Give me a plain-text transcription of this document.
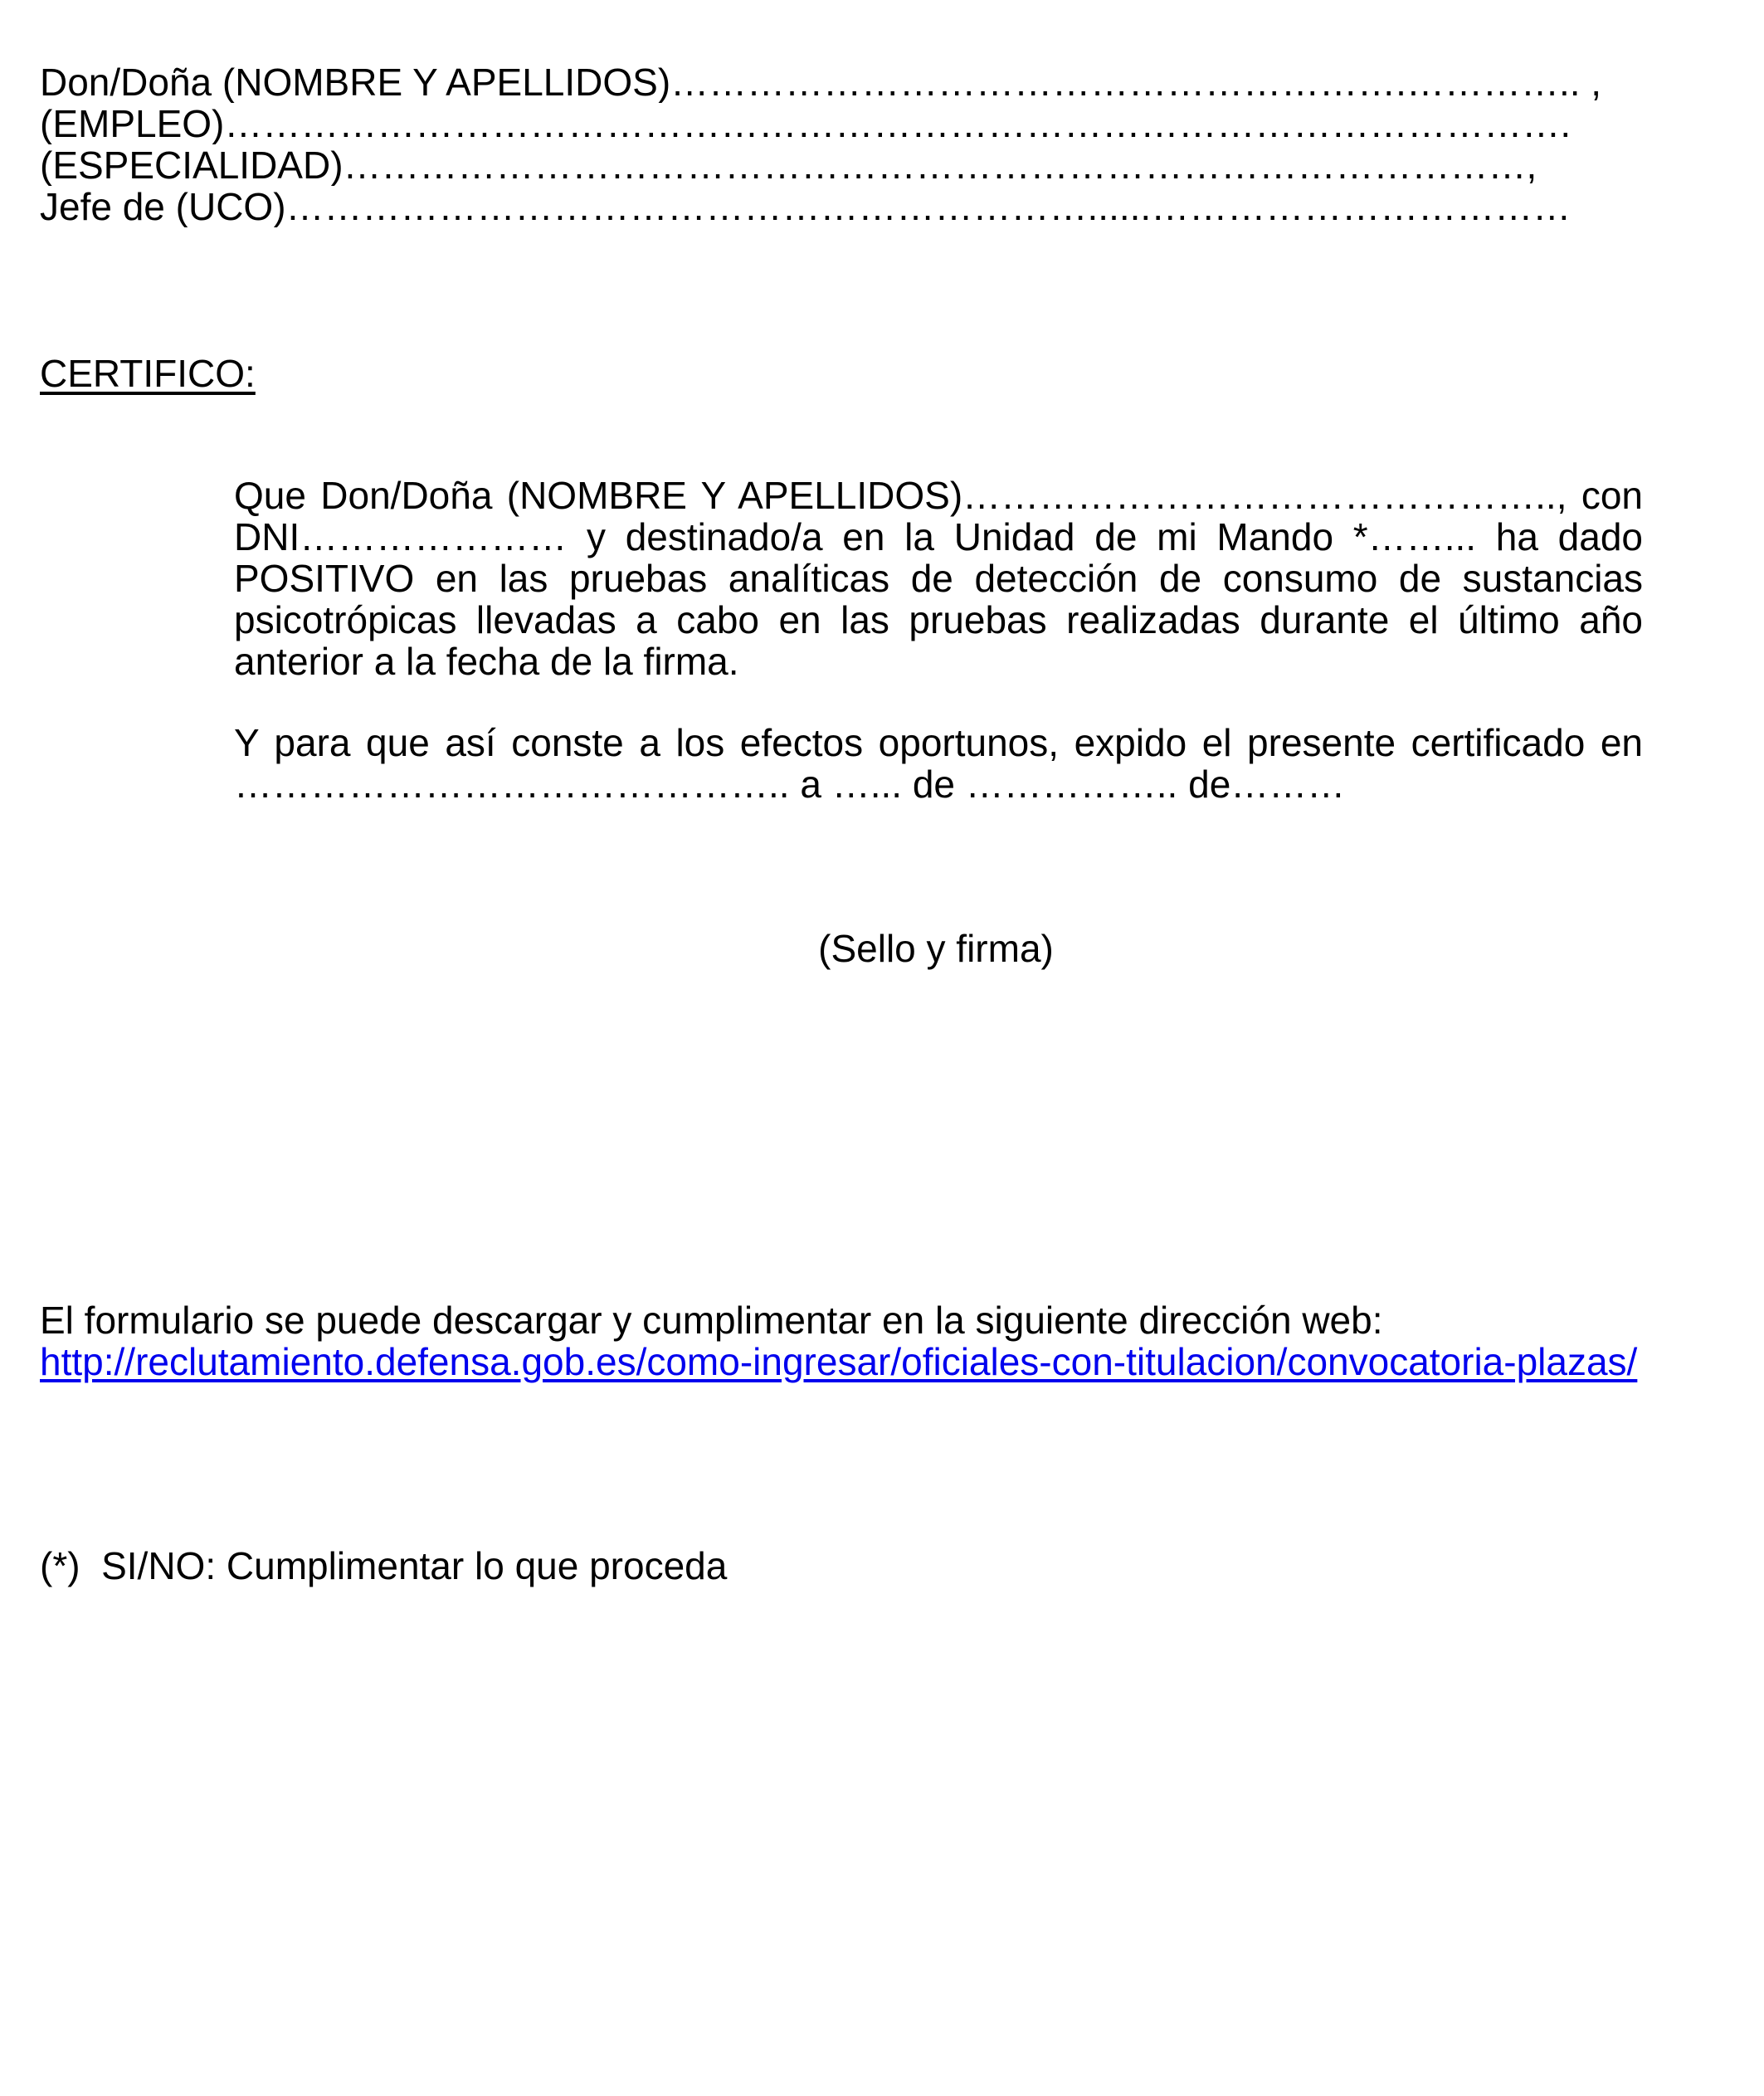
Don/Doña (NOMBRE Y APELLIDOS)………………………………………………….………….. ,
(EMPLEO)…………………………………………………………………………………………….
(ESPECIALIDAD)…………………………………………………………………………………,
Jefe de (UCO)………………………………………………………......……………………………
CERTIFICO:

Que Don/Doña (NOMBRE Y APELLIDOS)……………………………………….., con DNI………………… y destinado/a en la Unidad de mi Mando *……... ha dado POSITIVO en las pruebas analíticas de detección de consumo de sustancias psicotrópicas llevadas a cabo en las pruebas realizadas durante el último año anterior a la fecha de la firma.

Y para que así conste a los efectos oportunos, expido el presente certificado en …………………………………….. a …... de …………….. de………

(Sello y firma)
El formulario se puede descargar y cumplimentar en la siguiente dirección web:
http://reclutamiento.defensa.gob.es/como-ingresar/oficiales-con-titulacion/convocatoria-plazas/
(*)  SI/NO: Cumplimentar lo que proceda
